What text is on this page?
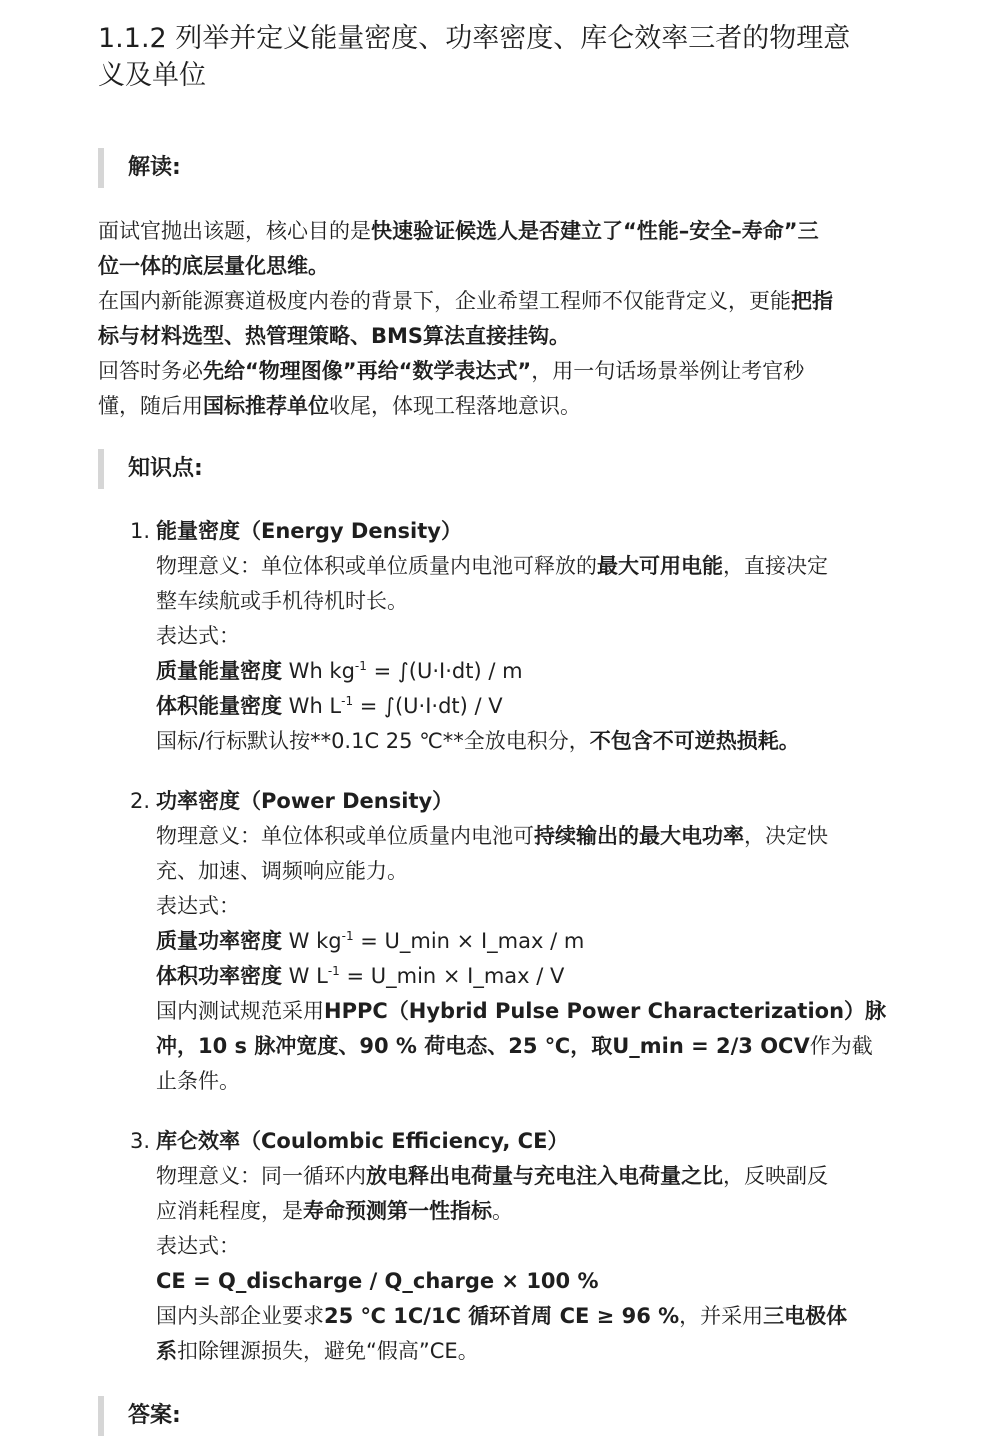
1.1.2 列举并定义能量密度、功率密度、库仑效率三者的物理意
义及单位
解读:
面试官抛出该题，核心目的是快速验证候选人是否建立了“性能–安全–寿命”三
位一体的底层量化思维。
在国内新能源赛道极度内卷的背景下，企业希望工程师不仅能背定义，更能把指
标与材料选型、热管理策略、BMS算法直接挂钩。
回答时务必先给“物理图像”再给“数学表达式”，用一句话场景举例让考官秒
懂，随后用国标推荐单位收尾，体现工程落地意识。
知识点:
1. 能量密度（Energy Density）
物理意义：单位体积或单位质量内电池可释放的最大可用电能，直接决定
整车续航或手机待机时长。
表达式：
质量能量密度 Wh $kg^{-1} = \int(U\cdot I\cdot dt) / m$
体积能量密度 Wh $L^{-1} = \int(U\cdot I\cdot dt) / V$
国标/行标默认按**0.1C 25 ℃**全放电积分，不包含不可逆热损耗。
2. 功率密度（Power Density）
物理意义：单位体积或单位质量内电池可持续输出的最大电功率，决定快
充、加速、调频响应能力。
表达式：
质量功率密度 W $kg^{-1}$ = U_min × I_max / m
体积功率密度 W $L^{-1}$ = U_min × I_max / V
国内测试规范采用HPPC（Hybrid Pulse Power Characterization）脉
冲，10 s 脉冲宽度、90 % 荷电态、25 ℃，取U_min = 2/3 OCV作为截
止条件。
3. 库仑效率（Coulombic Efficiency, CE）
物理意义：同一循环内放电释出电荷量与充电注入电荷量之比，反映副反
应消耗程度，是寿命预测第一性指标。
表达式：
CE = Q_discharge / Q_charge × 100 %
国内头部企业要求25 ℃ 1C/1C 循环首周 CE ≥ 96 %，并采用三电极体
系扣除锂源损失，避免“假高”CE。
答案:
